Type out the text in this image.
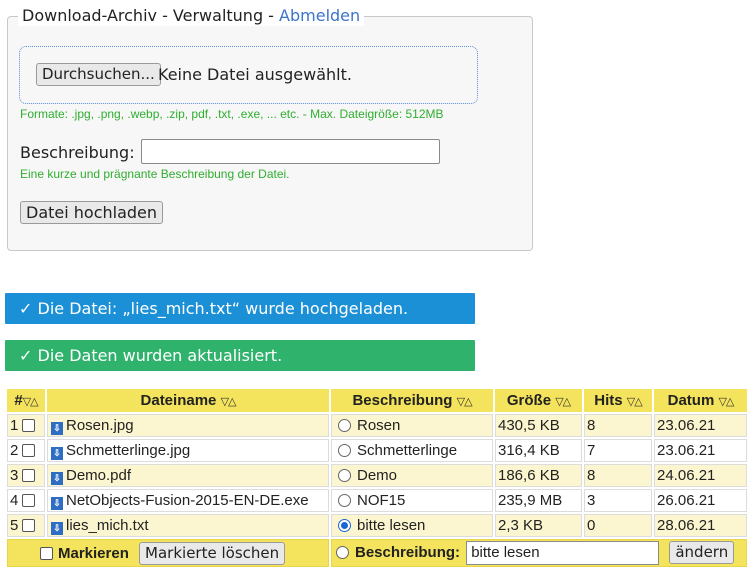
Download-Archiv - Verwaltung - Abmelden
Durchsuchen... Keine Datei ausgewählt.
Formate: .jpg, .png, .webp, .zip, pdf, .txt, .exe, ... etc. - Max. Dateigröße: 512MB
Beschreibung:
Eine kurze und prägnante Beschreibung der Datei.
Datei hochladen
✓ Die Datei: „lies_mich.txt“ wurde hochgeladen.
✓ Die Daten wurden aktualisiert.
#▽△	Dateiname ▽△	Beschreibung ▽△	Größe ▽△	Hits ▽△	Datum ▽△
1	⇩ Rosen.jpg	Rosen	430,5 KB	8	23.06.21
2	⇩ Schmetterlinge.jpg	Schmetterlinge	316,4 KB	7	23.06.21
3	⇩ Demo.pdf	Demo	186,6 KB	8	24.06.21
4	⇩ NetObjects-Fusion-2015-EN-DE.exe	NOF15	235,9 MB	3	26.06.21
5	⇩ lies_mich.txt	bitte lesen	2,3 KB	0	28.06.21
Markieren Markierte löschen		Beschreibung: bitte lesen ändern			
